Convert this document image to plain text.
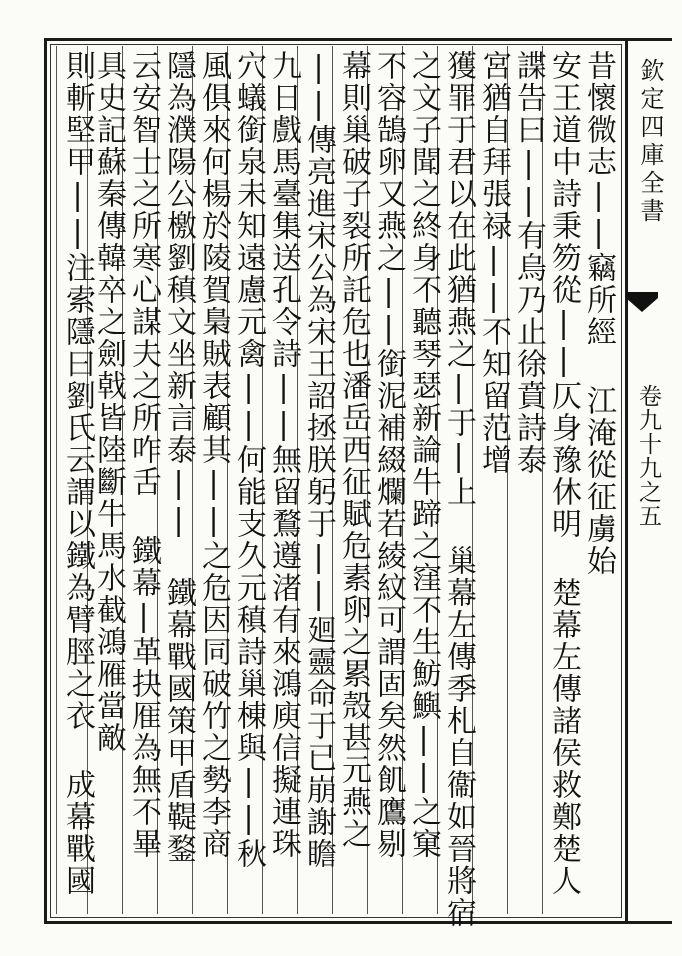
欽定四庫全書
卷九十九之五
昔懷微志||竊所經 江淹從征虜始
安王道中詩秉笏從||仄身豫休明 楚幕左傳諸侯救鄭楚人
諜告曰||有烏乃止徐賁詩泰
宮猶自拜張禄||不知留范增
獲罪于君以在此猶燕之|于|上 巢幕左傳季札自衞如晉將宿
之文子聞之終身不聽琴瑟新論牛蹄之窪不生魴鱮||之窠
不容鵠卵又燕之||銜泥補綴爛若綾紋可謂固矣然飢鷹剔
幕則巢破子裂所託危也潘岳西征賦危素卵之累殼甚元燕之
||傳亮進宋公為宋王詔拯朕躬于||廻靈命于已崩謝瞻
九日戲馬臺集送孔令詩||無留鶩遵渚有來鴻庾信擬連珠
穴蟻銜泉未知遠慮元禽||何能支久元稹詩巢棟與||秋
風俱來何楊於陵賀梟賊表顧其||之危因同破竹之勢李商
隱為濮陽公檄劉稹文坐新言泰|| 鐵幕戰國策甲盾鞮鍪
云安智士之所寒心謀夫之所咋舌 鐵幕|革抉㕍為無不畢
具史記蘇秦傳韓卒之劍戟皆陸斷牛馬水截鴻雁當敵
則斬堅甲||注索隱曰劉氏云謂以鐵為臂脛之衣 成幕戰國
